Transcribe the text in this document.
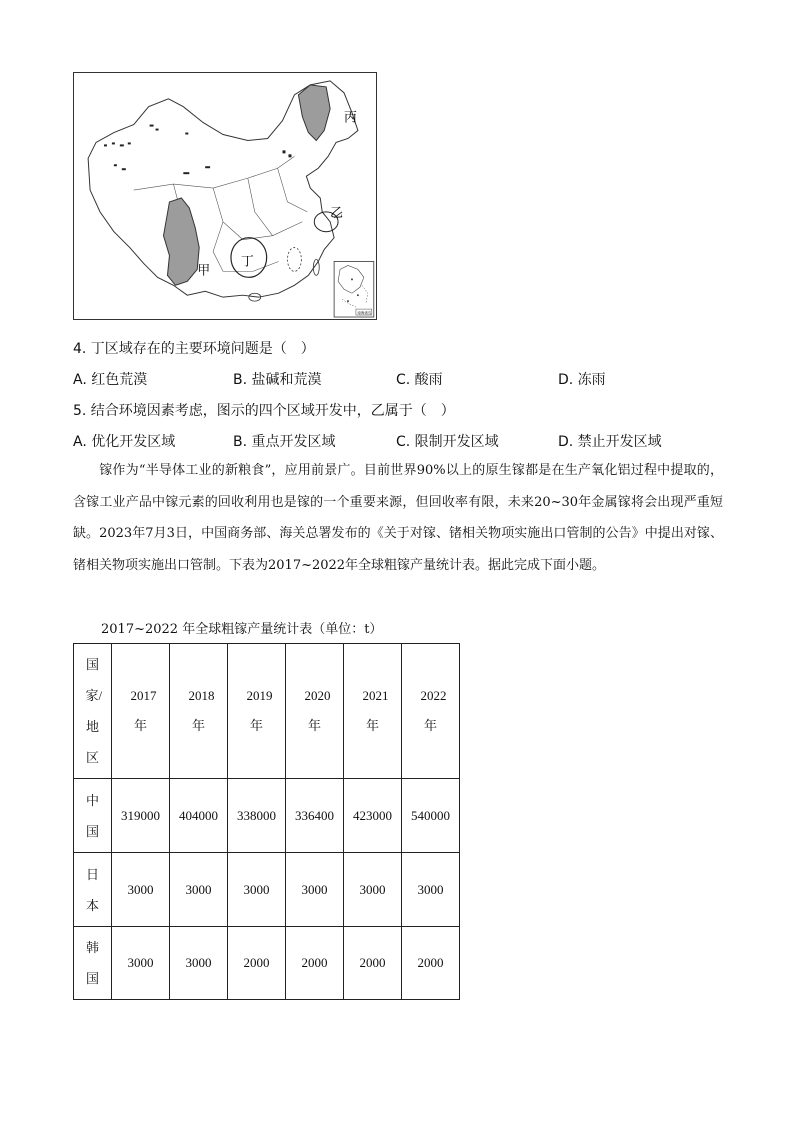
丙
乙
甲
丁
南海诸岛
4. 丁区域存在的主要环境问题是（　）
A. 红色荒漠	B. 盐碱和荒漠	C. 酸雨	D. 冻雨
5. 结合环境因素考虑，图示的四个区域开发中，乙属于（　）
A. 优化开发区域	B. 重点开发区域	C. 限制开发区域	D. 禁止开发区域
镓作为“半导体工业的新粮食”，应用前景广。目前世界90%以上的原生镓都是在生产氧化铝过程中提取的，含镓工业产品中镓元素的回收利用也是镓的一个重要来源，但回收率有限，未来20~30年金属镓将会出现严重短缺。2023年7月3日，中国商务部、海关总署发布的《关于对镓、锗相关物项实施出口管制的公告》中提出对镓、锗相关物项实施出口管制。下表为2017~2022年全球粗镓产量统计表。据此完成下面小题。
2017~2022 年全球粗镓产量统计表（单位：t）
国家/地区	2017年	2018年	2019年	2020年	2021年	2022年
中国	319000	404000	338000	336400	423000	540000
日本	3000	3000	3000	3000	3000	3000
韩国	3000	3000	2000	2000	2000	2000
